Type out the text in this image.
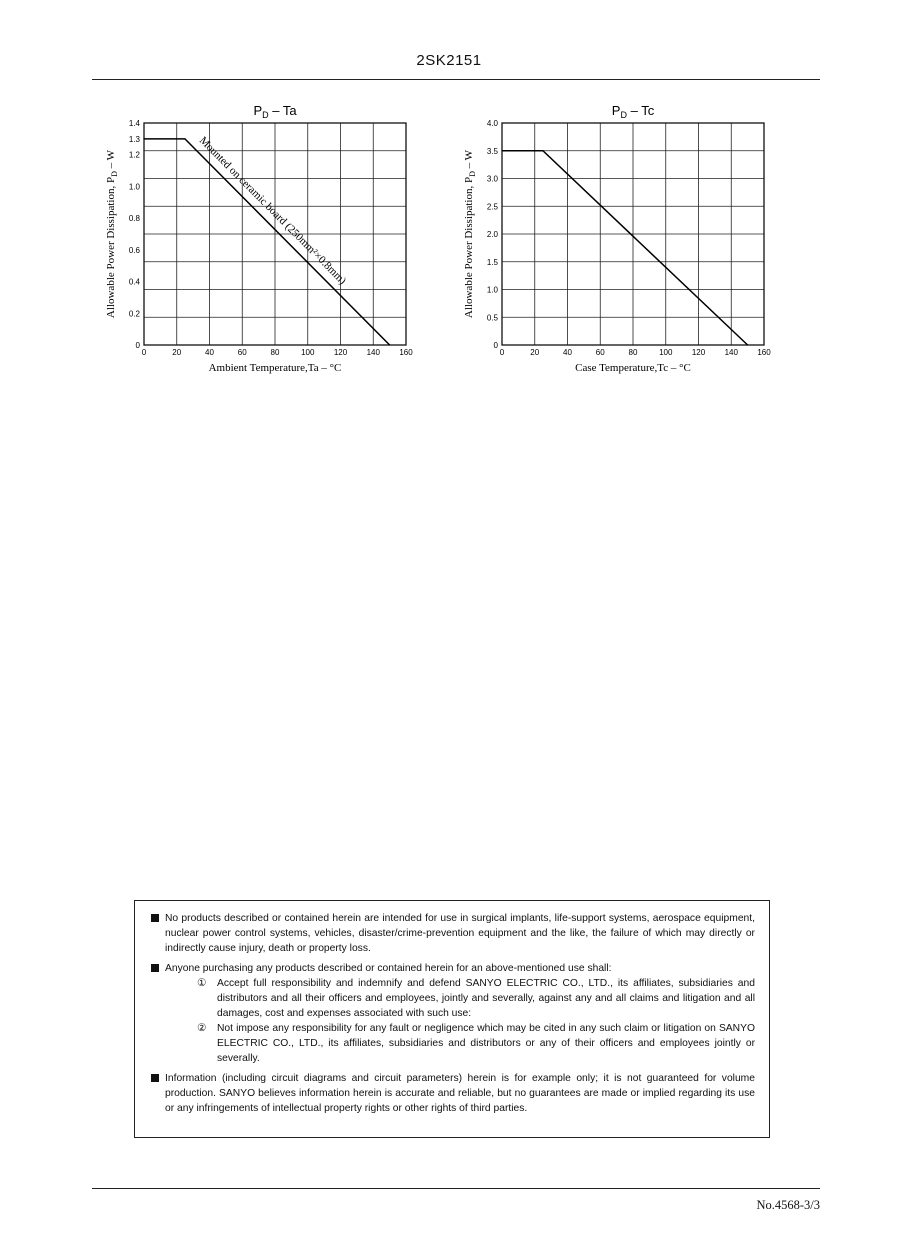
2SK2151
$P_D$ – Ta
0	20	40	60	80	100 120 140 160
0
0.2
0.4
0.6
0.8
1.0
1.2
1.3
1.4
Mounted on ceramic board (250mm²×0.8mm)
Ambient Temperature,Ta – °C
Allowable Power Dissipation, $P_D$ – W
$P_D$ – Tc
0	20	40	60	80	100 120 140 160
0
0.5
1.0
1.5
2.0
2.5
3.0
3.5
4.0
Case Temperature,Tc – °C
Allowable Power Dissipation, $P_D$ – W
No products described or contained herein are intended for use in surgical implants, life-support systems, aerospace equipment, nuclear power control systems, vehicles, disaster/crime-prevention equipment and the like, the failure of which may directly or indirectly cause injury, death or property loss.
Anyone purchasing any products described or contained herein for an above-mentioned use shall:
①	Accept full responsibility and indemnify and defend SANYO ELECTRIC CO., LTD., its affiliates, subsidiaries and distributors and all their officers and employees, jointly and severally, against any and all claims and litigation and all damages, cost and expenses associated with such use:
②	Not impose any responsibility for any fault or negligence which may be cited in any such claim or litigation on SANYO ELECTRIC CO., LTD., its affiliates, subsidiaries and distributors or any of their officers and employees jointly or severally.
Information (including circuit diagrams and circuit parameters) herein is for example only; it is not guaranteed for volume production. SANYO believes information herein is accurate and reliable, but no guarantees are made or implied regarding its use or any infringements of intellectual property rights or other rights of third parties.
No.4568-3/3
